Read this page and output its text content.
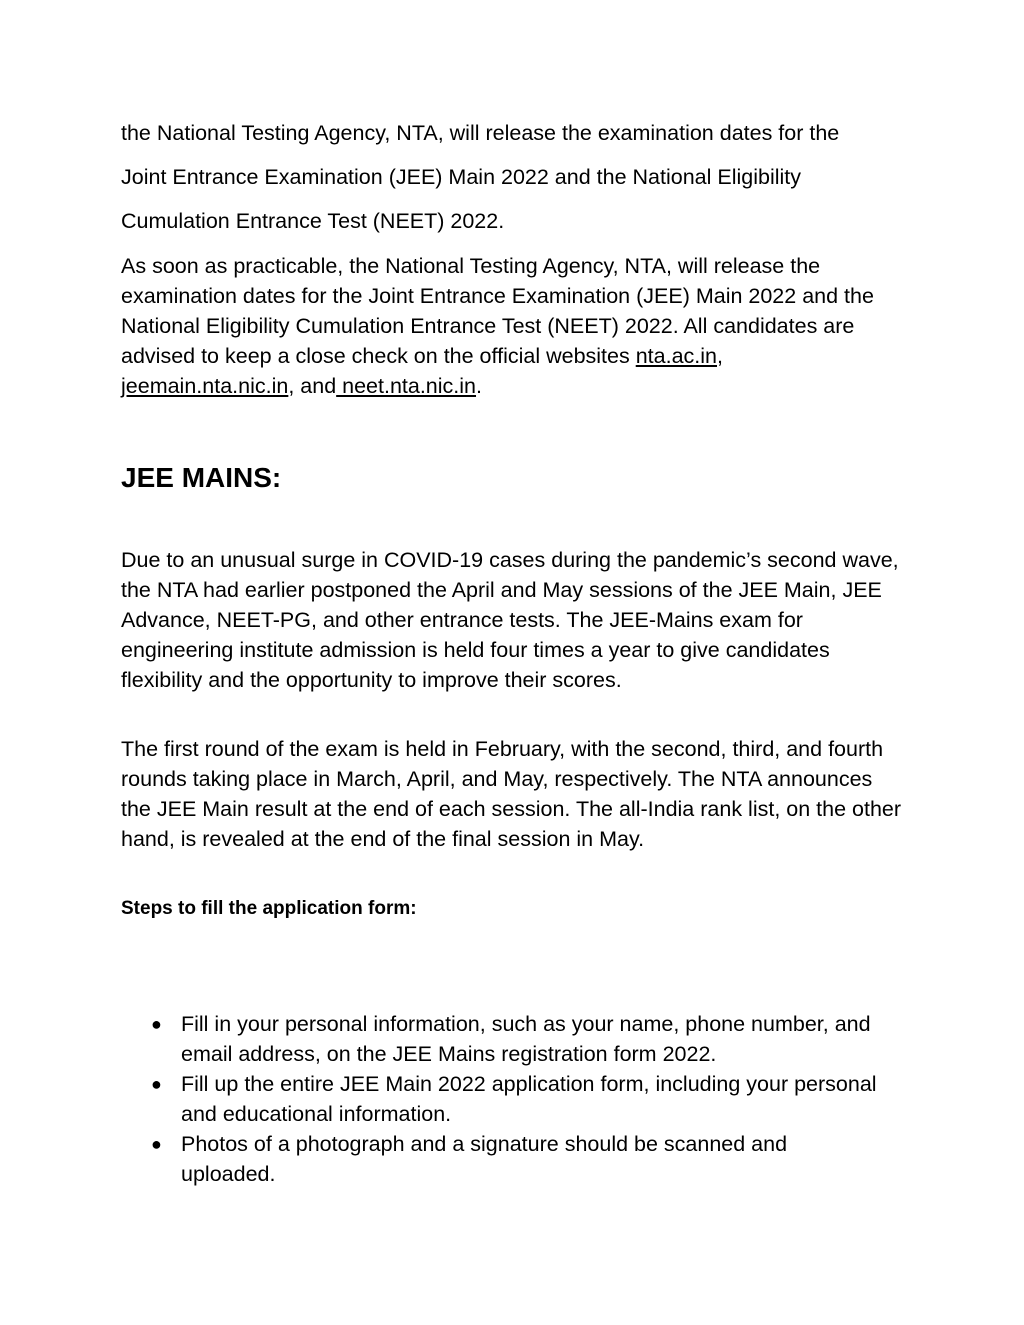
the National Testing Agency, NTA, will release the examination dates for the

Joint Entrance Examination (JEE) Main 2022 and the National Eligibility

Cumulation Entrance Test (NEET) 2022.

As soon as practicable, the National Testing Agency, NTA, will release the examination dates for the Joint Entrance Examination (JEE) Main 2022 and the National Eligibility Cumulation Entrance Test (NEET) 2022. All candidates are advised to keep a close check on the official websites nta.ac.in, jeemain.nta.nic.in, and neet.nta.nic.in.

JEE MAINS:

Due to an unusual surge in COVID-19 cases during the pandemic’s second wave, the NTA had earlier postponed the April and May sessions of the JEE Main, JEE Advance, NEET-PG, and other entrance tests. The JEE-Mains exam for engineering institute admission is held four times a year to give candidates flexibility and the opportunity to improve their scores.

The first round of the exam is held in February, with the second, third, and fourth rounds taking place in March, April, and May, respectively. The NTA announces the JEE Main result at the end of each session. The all-India rank list, on the other hand, is revealed at the end of the final session in May.

Steps to fill the application form:
● Fill in your personal information, such as your name, phone number, and email address, on the JEE Mains registration form 2022.
● Fill up the entire JEE Main 2022 application form, including your personal and educational information.
● Photos of a photograph and a signature should be scanned and uploaded.
